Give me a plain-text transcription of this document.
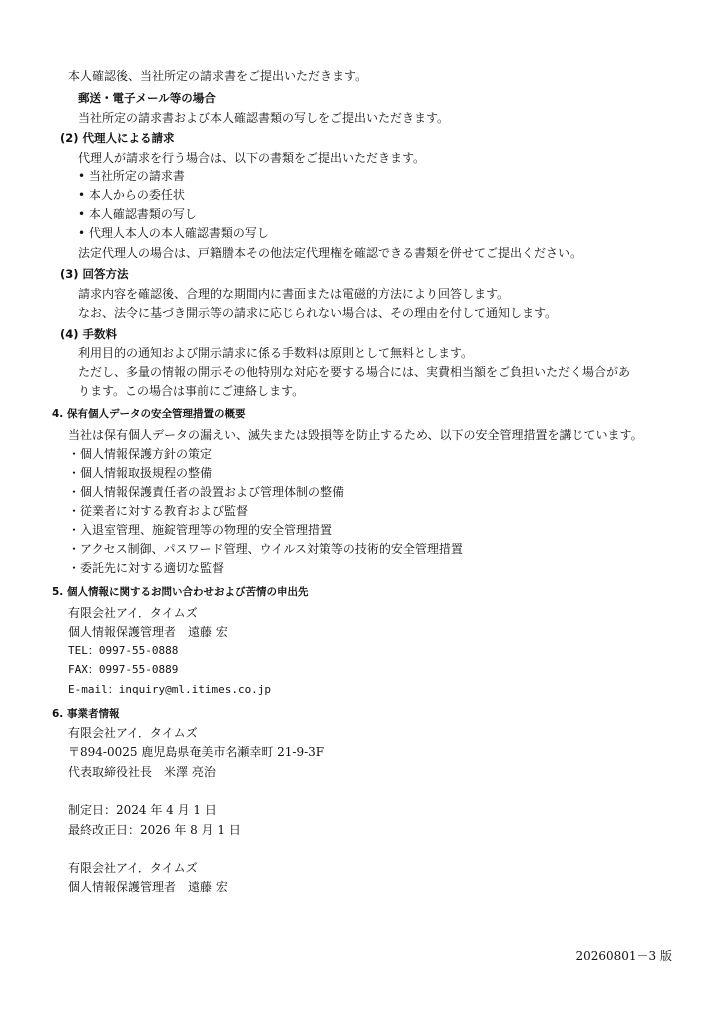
本人確認後、当社所定の請求書をご提出いただきます。
郵送・電子メール等の場合
当社所定の請求書および本人確認書類の写しをご提出いただきます。
(2) 代理人による請求
代理人が請求を行う場合は、以下の書類をご提出いただきます。
• 当社所定の請求書
• 本人からの委任状
• 本人確認書類の写し
• 代理人本人の本人確認書類の写し
法定代理人の場合は、戸籍謄本その他法定代理権を確認できる書類を併せてご提出ください。
(3) 回答方法
請求内容を確認後、合理的な期間内に書面または電磁的方法により回答します。
なお、法令に基づき開示等の請求に応じられない場合は、その理由を付して通知します。
(4) 手数料
利用目的の通知および開示請求に係る手数料は原則として無料とします。
ただし、多量の情報の開示その他特別な対応を要する場合には、実費相当額をご負担いただく場合があ
ります。この場合は事前にご連絡します。
4. 保有個人データの安全管理措置の概要
当社は保有個人データの漏えい、滅失または毀損等を防止するため、以下の安全管理措置を講じています。
・個人情報保護方針の策定
・個人情報取扱規程の整備
・個人情報保護責任者の設置および管理体制の整備
・従業者に対する教育および監督
・入退室管理、施錠管理等の物理的安全管理措置
・アクセス制御、パスワード管理、ウイルス対策等の技術的安全管理措置
・委託先に対する適切な監督
5. 個人情報に関するお問い合わせおよび苦情の申出先
有限会社アイ．タイムズ
個人情報保護管理者　遠藤 宏
TEL：0997-55-0888
FAX：0997-55-0889
E-mail：inquiry@ml.itimes.co.jp
6. 事業者情報
有限会社アイ．タイムズ
〒894-0025 鹿児島県奄美市名瀬幸町 21-9-3F
代表取締役社長　米澤 亮治
制定日：2024 年 4 月 1 日
最終改正日：2026 年 8 月 1 日
有限会社アイ．タイムズ
個人情報保護管理者　遠藤 宏
20260801－3 版
